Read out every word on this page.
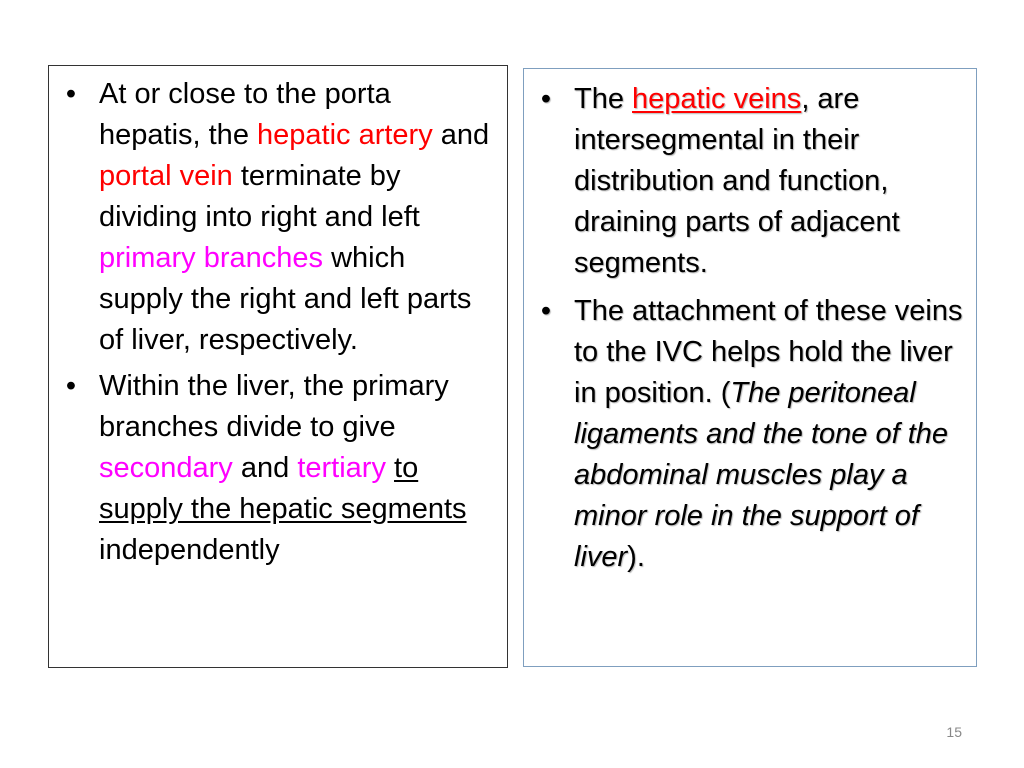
• At or close to the porta hepatis, the hepatic artery and portal vein terminate by dividing into right and left primary branches which supply the right and left parts of liver, respectively.
• Within the liver, the primary branches divide to give secondary and tertiary to supply the hepatic segments independently
• The hepatic veins, are intersegmental in their distribution and function, draining parts of adjacent segments.
• The attachment of these veins to the IVC helps hold the liver in position. (The peritoneal ligaments and the tone of the abdominal muscles play a minor role in the support of liver).
15
